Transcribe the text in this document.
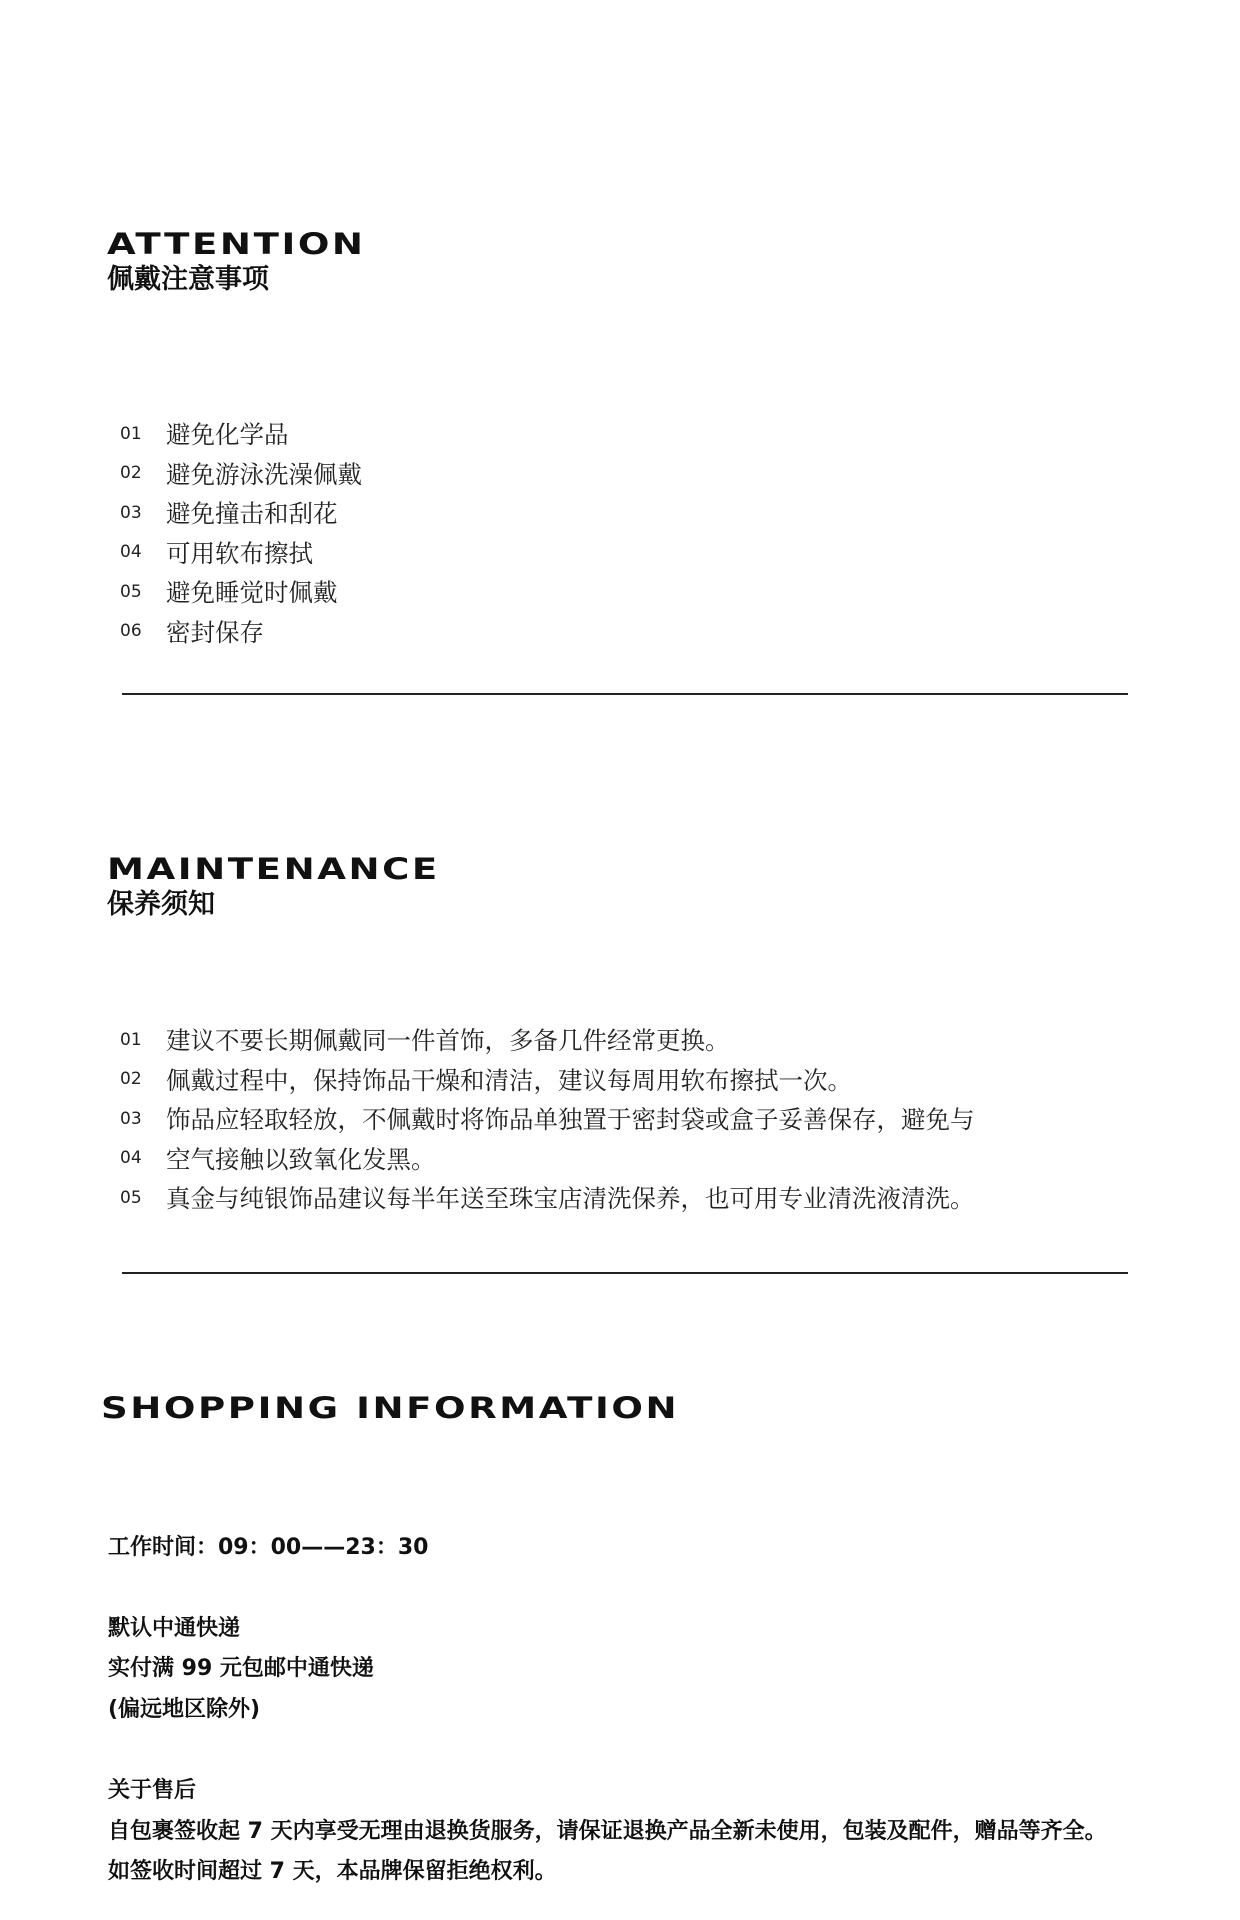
ATTENTION
佩戴注意事项
01 避免化学品
02 避免游泳洗澡佩戴
03 避免撞击和刮花
04 可用软布擦拭
05 避免睡觉时佩戴
06 密封保存
MAINTENANCE
保养须知
01 建议不要长期佩戴同一件首饰，多备几件经常更换。
02 佩戴过程中，保持饰品干燥和清洁，建议每周用软布擦拭一次。
03 饰品应轻取轻放，不佩戴时将饰品单独置于密封袋或盒子妥善保存，避免与
04 空气接触以致氧化发黑。
05 真金与纯银饰品建议每半年送至珠宝店清洗保养，也可用专业清洗液清洗。
SHOPPING INFORMATION
工作时间：09：00——23：30
默认中通快递
实付满 99 元包邮中通快递
(偏远地区除外)
关于售后
自包裹签收起 7 天内享受无理由退换货服务，请保证退换产品全新未使用，包装及配件，赠品等齐全。
如签收时间超过 7 天，本品牌保留拒绝权利。
